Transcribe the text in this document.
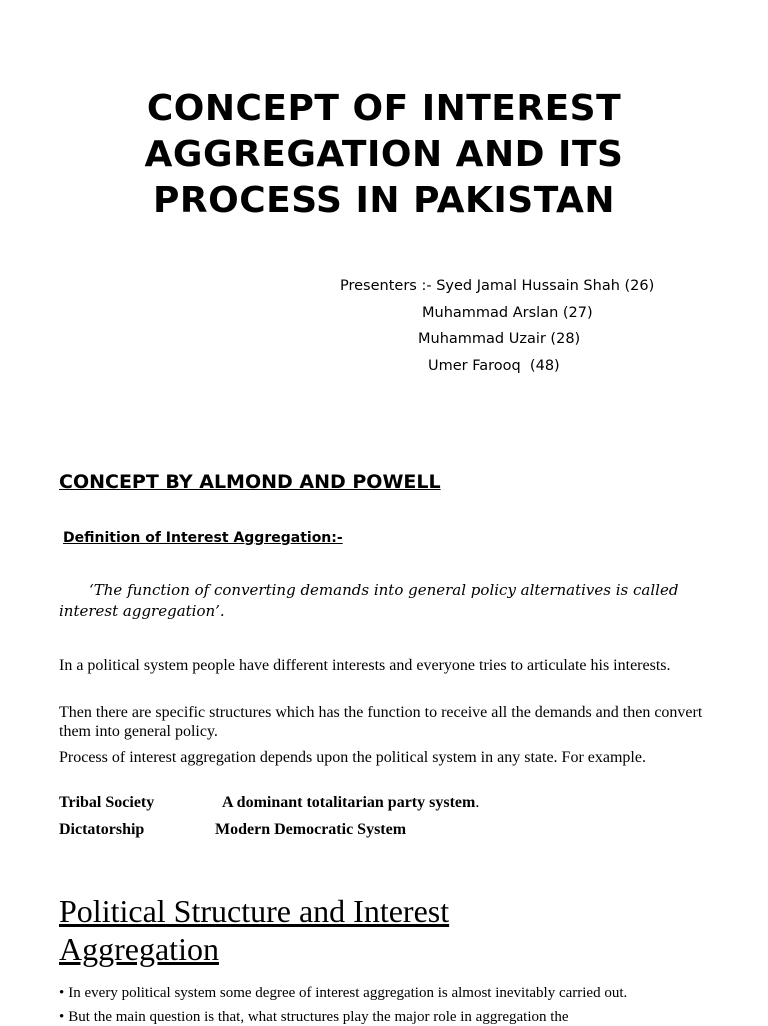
CONCEPT OF INTEREST
AGGREGATION AND ITS
PROCESS IN PAKISTAN
Presenters :- Syed Jamal Hussain Shah (26)
Muhammad Arslan (27)
Muhammad Uzair (28)
Umer Farooq  (48)
CONCEPT BY ALMOND AND POWELL
Definition of Interest Aggregation:-
‘The function of converting demands into general policy alternatives is called interest aggregation’.
In a political system people have different interests and everyone tries to articulate his interests.
Then there are specific structures which has the function to receive all the demands and then convert them into general policy.
Process of interest aggregation depends upon the political system in any state. For example.
Tribal Society	A dominant totalitarian party system.
Dictatorship	Modern Democratic System
Political Structure and Interest
Aggregation
• In every political system some degree of interest aggregation is almost inevitably carried out.
• But the main question is that, what structures play the major role in aggregation the
